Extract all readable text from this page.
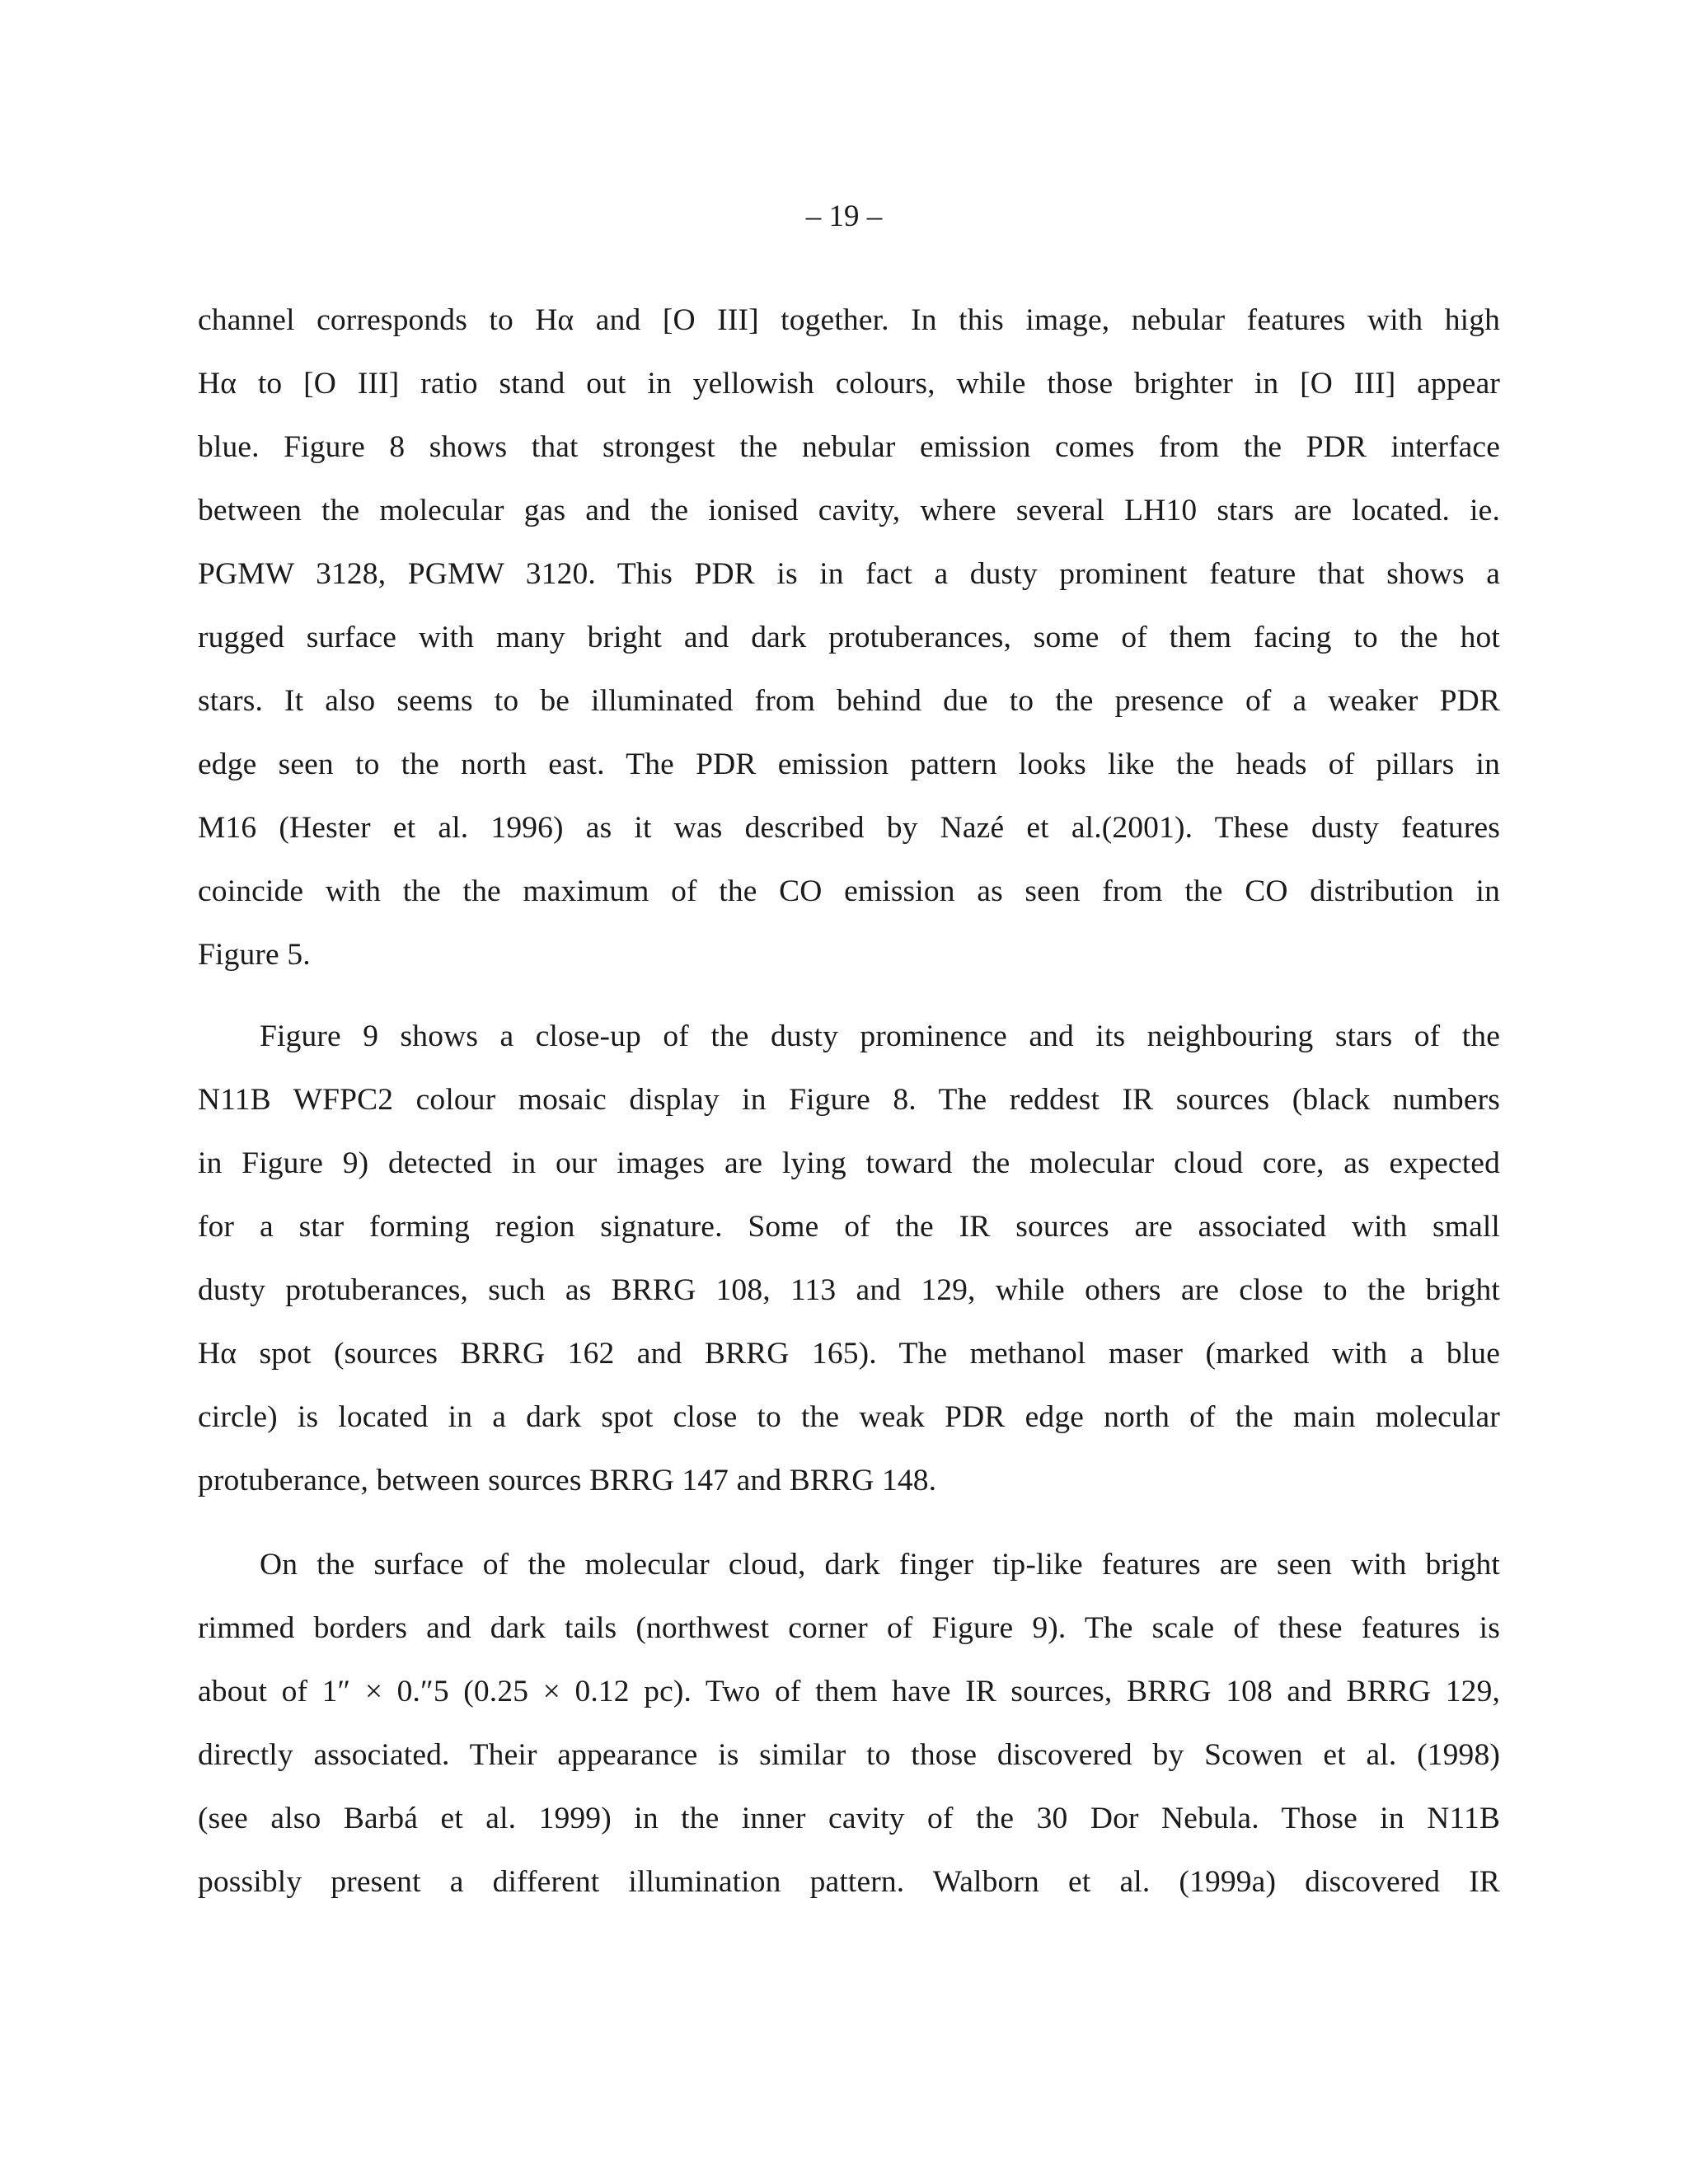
– 19 –
channel corresponds to Hα and [O III] together. In this image, nebular features with high
Hα to [O III] ratio stand out in yellowish colours, while those brighter in [O III] appear
blue. Figure 8 shows that strongest the nebular emission comes from the PDR interface
between the molecular gas and the ionised cavity, where several LH10 stars are located. ie.
PGMW 3128, PGMW 3120. This PDR is in fact a dusty prominent feature that shows a
rugged surface with many bright and dark protuberances, some of them facing to the hot
stars. It also seems to be illuminated from behind due to the presence of a weaker PDR
edge seen to the north east. The PDR emission pattern looks like the heads of pillars in
M16 (Hester et al. 1996) as it was described by Nazé et al.(2001). These dusty features
coincide with the the maximum of the CO emission as seen from the CO distribution in
Figure 5.
Figure 9 shows a close-up of the dusty prominence and its neighbouring stars of the
N11B WFPC2 colour mosaic display in Figure 8. The reddest IR sources (black numbers
in Figure 9) detected in our images are lying toward the molecular cloud core, as expected
for a star forming region signature. Some of the IR sources are associated with small
dusty protuberances, such as BRRG 108, 113 and 129, while others are close to the bright
Hα spot (sources BRRG 162 and BRRG 165). The methanol maser (marked with a blue
circle) is located in a dark spot close to the weak PDR edge north of the main molecular
protuberance, between sources BRRG 147 and BRRG 148.
On the surface of the molecular cloud, dark finger tip-like features are seen with bright
rimmed borders and dark tails (northwest corner of Figure 9). The scale of these features is
about of 1″ × 0.″5 (0.25 × 0.12 pc). Two of them have IR sources, BRRG 108 and BRRG 129,
directly associated. Their appearance is similar to those discovered by Scowen et al. (1998)
(see also Barbá et al. 1999) in the inner cavity of the 30 Dor Nebula. Those in N11B
possibly present a different illumination pattern. Walborn et al. (1999a) discovered IR
